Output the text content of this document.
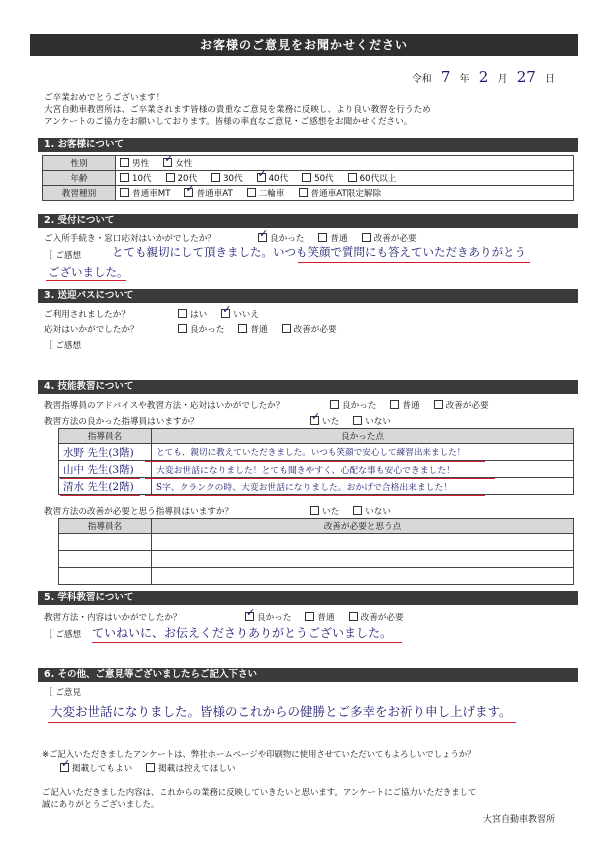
お客様のご意見をお聞かせください
令和 7 年 2 月 27 日
ご卒業おめでとうございます！
大宮自動車教習所は、ご卒業されます皆様の貴重なご意見を業務に反映し、より良い教習を行うため
アンケートのご協力をお願いしております。皆様の率直なご意見・ご感想をお聞かせください。
1. お客様について
性別	男性 ✓ 女性
年齢	10代 20代 30代 ✓ 40代 50代 60代以上
教習種別	普通車MT ✓ 普通車AT 二輪車 普通車AT限定解除
2. 受付について
ご入所手続き・窓口応対はいかがでしたか？ ✓	良かった	普通	改善が必要
［ ご感想	とても親切にして頂きました。いつも笑顔で質問にも答えていただきありがとう
ございました。
3. 送迎バスについて
ご利用されましたか？	はい ✓	いいえ
応対はいかがでしたか？	良かった	普通	改善が必要
［ ご感想
4. 技能教習について
教習指導員のアドバイスや教習方法・応対はいかがでしたか？	良かった	普通	改善が必要
教習方法の良かった指導員はいますか？ ✓	いた	いない
指導員名	良かった点
水野 先生(3階)	とても、親切に教えていただきました。いつも笑顔で安心して練習出来ました！
山中 先生(3階)	大変お世話になりました！とても聞きやすく、心配な事も安心できました！
清水 先生(2階)	S字、クランクの時、大変お世話になりました。おかげで合格出来ました！
教習方法の改善が必要と思う指導員はいますか？	いた	いない
指導員名	改善が必要と思う点

5. 学科教習について
教習方法・内容はいかがでしたか？ ✓	良かった	普通	改善が必要
［ ご感想 ていねいに、お伝えくださりありがとうございました。
6. その他、ご意見等ございましたらご記入下さい
［ ご意見
大変お世話になりました。皆様のこれからの健勝とご多幸をお祈り申し上げます。
※ご記入いただきましたアンケートは、弊社ホームページや印刷物に使用させていただいてもよろしいでしょうか？
✓掲載してもよい	掲載は控えてほしい
ご記入いただきました内容は、これからの業務に反映していきたいと思います。アンケートにご協力いただきまして
誠にありがとうございました。
大宮自動車教習所
